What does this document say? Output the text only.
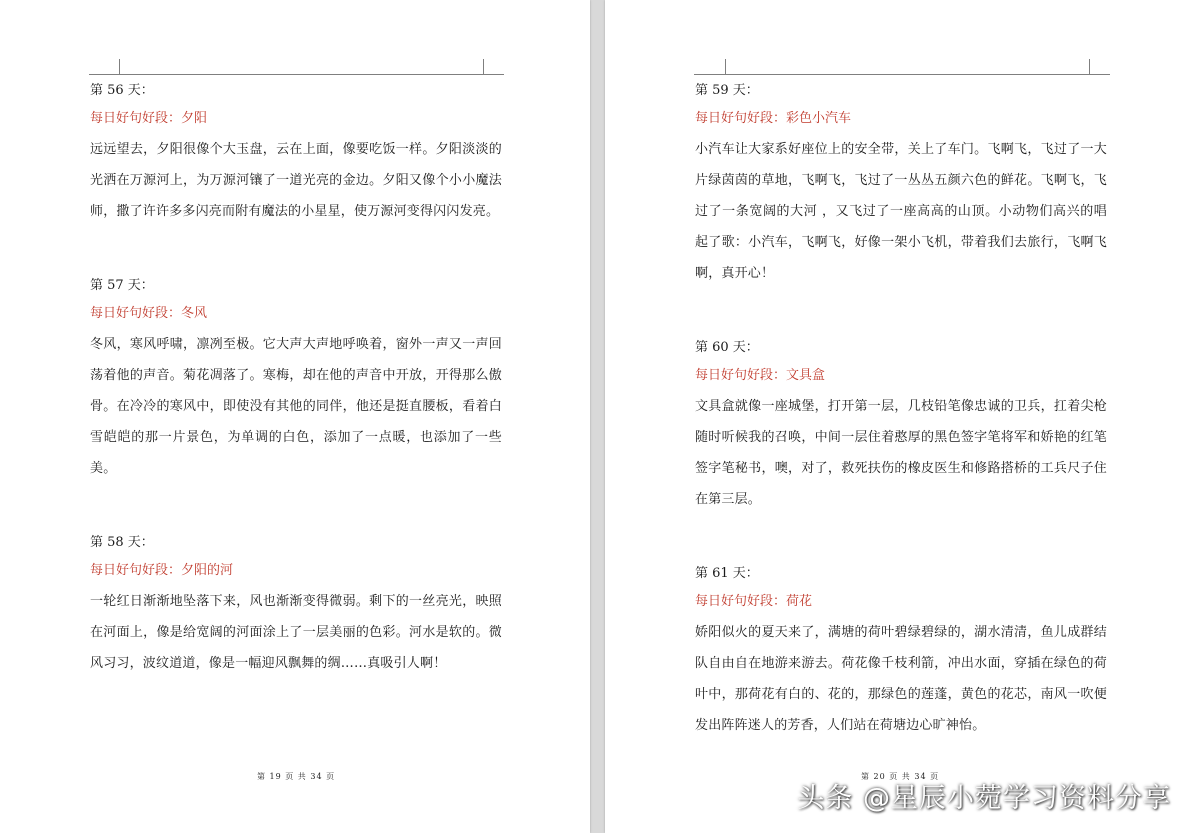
第 56 天：

每日好句好段：夕阳

远远望去，夕阳很像个大玉盘，云在上面，像要吃饭一样。夕阳淡淡的光洒在万源河上，为万源河镶了一道光亮的金边。夕阳又像个小小魔法师，撒了许许多多闪亮而附有魔法的小星星，使万源河变得闪闪发亮。

第 57 天：

每日好句好段：冬风

冬风，寒风呼啸，凛冽至极。它大声大声地呼唤着，窗外一声又一声回荡着他的声音。菊花凋落了。寒梅，却在他的声音中开放，开得那么傲骨。在冷冷的寒风中，即使没有其他的同伴，他还是挺直腰板，看着白雪皑皑的那一片景色，为单调的白色，添加了一点暖，也添加了一些美。

第 58 天：

每日好句好段：夕阳的河

一轮红日渐渐地坠落下来，风也渐渐变得微弱。剩下的一丝亮光，映照在河面上，像是给宽阔的河面涂上了一层美丽的色彩。河水是软的。微风习习，波纹道道，像是一幅迎风飘舞的绸……真吸引人啊！

第 19 页 共 34 页

第 59 天：

每日好句好段：彩色小汽车

小汽车让大家系好座位上的安全带，关上了车门。飞啊飞，飞过了一大片绿茵茵的草地，飞啊飞，飞过了一丛丛五颜六色的鲜花。飞啊飞，飞过了一条宽阔的大河 ，又飞过了一座高高的山顶。小动物们高兴的唱起了歌：小汽车，飞啊飞，好像一架小飞机，带着我们去旅行，飞啊飞啊，真开心！

第 60 天：

每日好句好段：文具盒

文具盒就像一座城堡，打开第一层，几枝铅笔像忠诚的卫兵，扛着尖枪随时听候我的召唤，中间一层住着憨厚的黑色签字笔将军和娇艳的红笔签字笔秘书，噢，对了，救死扶伤的橡皮医生和修路搭桥的工兵尺子住在第三层。

第 61 天：

每日好句好段：荷花

娇阳似火的夏天来了，满塘的荷叶碧绿碧绿的，湖水清清，鱼儿成群结队自由自在地游来游去。荷花像千枝利箭，冲出水面，穿插在绿色的荷叶中，那荷花有白的、花的，那绿色的莲蓬，黄色的花芯，南风一吹便发出阵阵迷人的芳香，人们站在荷塘边心旷神怡。

第 20 页 共 34 页
头条 @星辰小菀学习资料分享
